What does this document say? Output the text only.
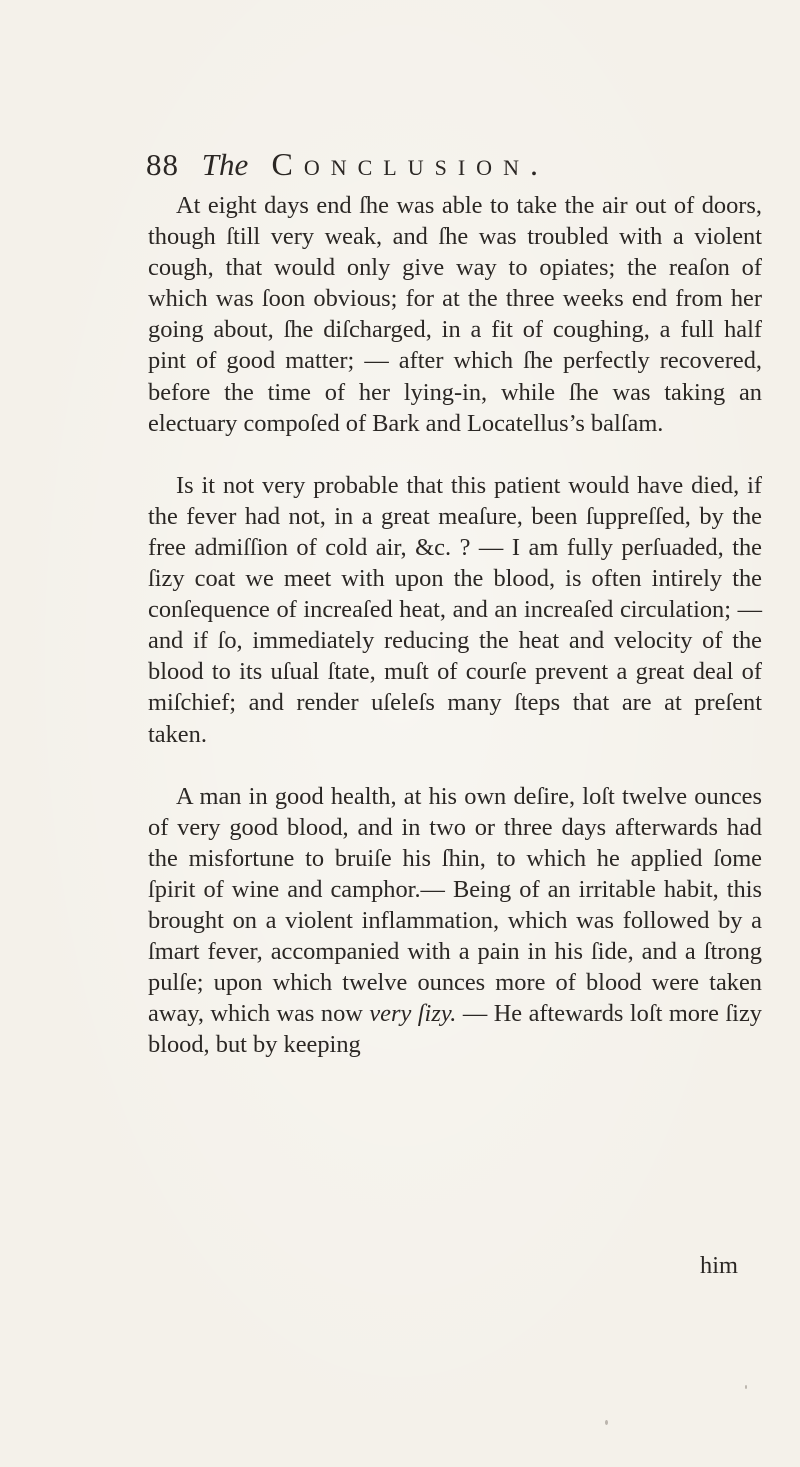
88 The Conclusion.

At eight days end ſhe was able to take the air out of doors, though ſtill very weak, and ſhe was troubled with a violent cough, that would only give way to opiates; the reaſon of which was ſoon obvious; for at the three weeks end from her going about, ſhe diſcharged, in a fit of coughing, a full half pint of good matter; — after which ſhe perfectly recovered, before the time of her lying-in, while ſhe was taking an electuary compoſed of Bark and Locatellus’s balſam.

Is it not very probable that this patient would have died, if the fever had not, in a great meaſure, been ſuppreſſed, by the free admiſſion of cold air, &c. ? — I am fully perſuaded, the ſizy coat we meet with upon the blood, is often intirely the conſequence of increaſed heat, and an increaſed circulation; — and if ſo, immediately reducing the heat and velocity of the blood to its uſual ſtate, muſt of courſe prevent a great deal of miſchief; and render uſeleſs many ſteps that are at preſent taken.

A man in good health, at his own deſire, loſt twelve ounces of very good blood, and in two or three days afterwards had the misfortune to bruiſe his ſhin, to which he applied ſome ſpirit of wine and camphor.— Being of an irritable habit, this brought on a violent inflammation, which was followed by a ſmart fever, accompanied with a pain in his ſide, and a ſtrong pulſe; upon which twelve ounces more of blood were taken away, which was now very ſizy. — He aftewards loſt more ſizy blood, but by keeping

him
